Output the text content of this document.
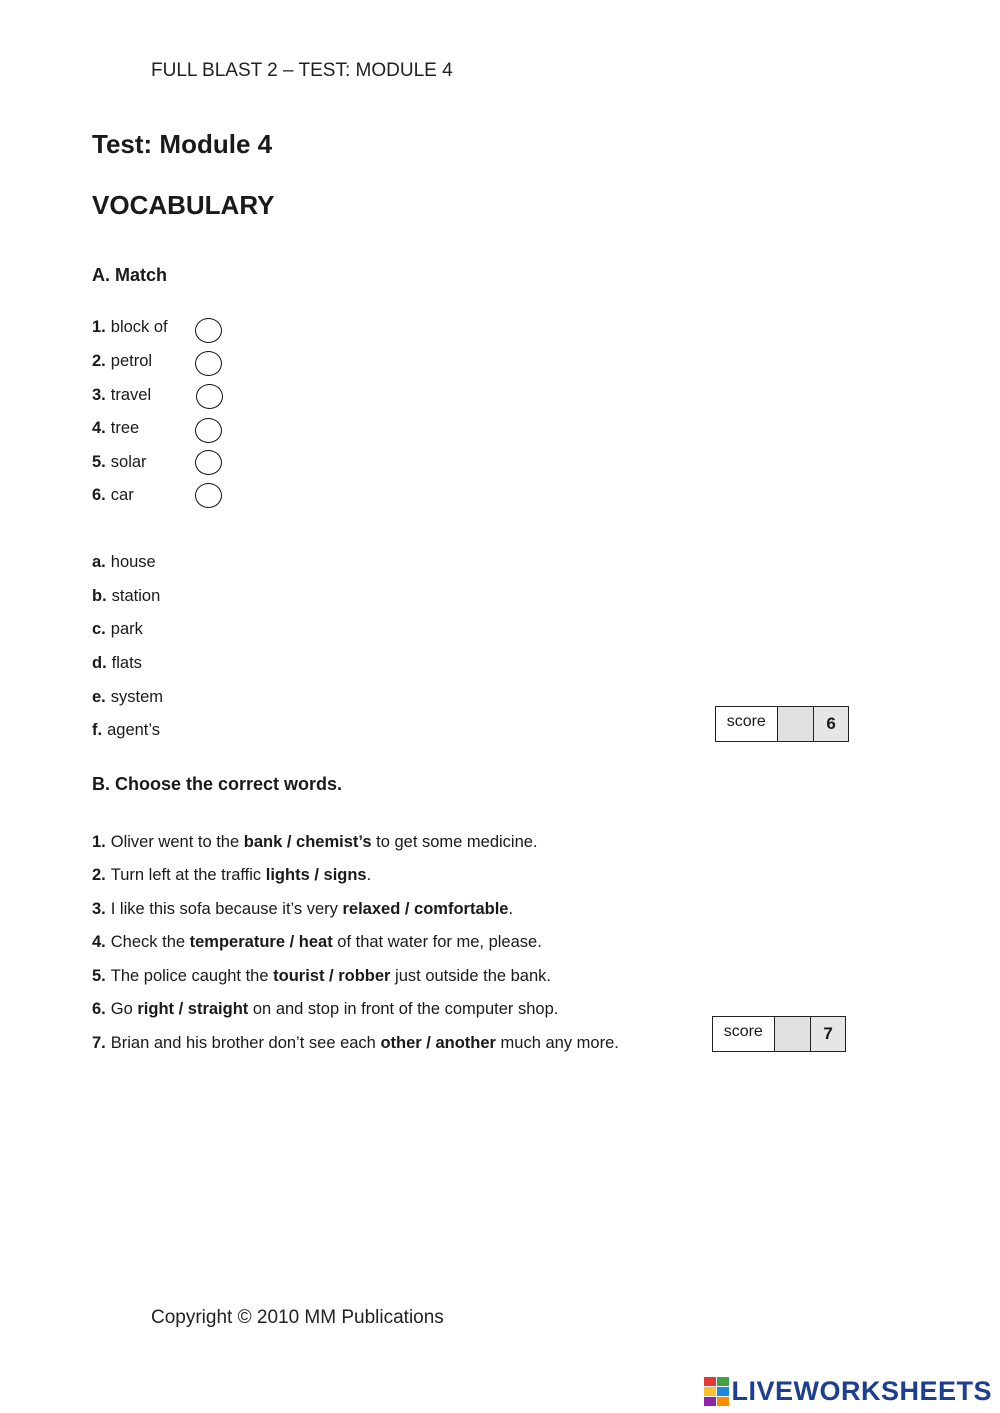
FULL BLAST 2 – TEST: MODULE 4
Test: Module 4
VOCABULARY
A. Match
1. block of
2. petrol
3. travel
4. tree
5. solar
6. car
a. house
b. station
c. park
d. flats
e. system
f. agent’s	score	6
B. Choose the correct words.
1. Oliver went to the bank / chemist’s to get some medicine.
2. Turn left at the traffic lights / signs.
3. I like this sofa because it’s very relaxed / comfortable.
4. Check the temperature / heat of that water for me, please.
5. The police caught the tourist / robber just outside the bank.
6. Go right / straight on and stop in front of the computer shop.
7. Brian and his brother don’t see each other / another much any more.
score	7
Copyright © 2010 MM Publications
LIVEWORKSHEETS
